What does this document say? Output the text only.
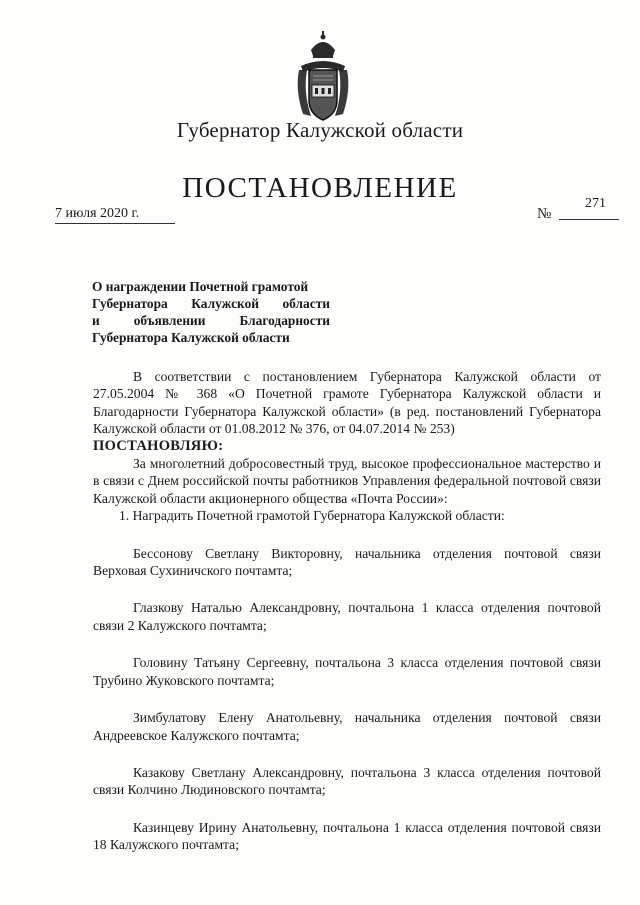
Губернатор Калужской области
ПОСТАНОВЛЕНИЕ
7 июля 2020 г.	№
271
О награждении Почетной грамотой
Губернатора Калужской области
и объявлении Благодарности
Губернатора Калужской области

В соответствии с постановлением Губернатора Калужской области от 27.05.2004 № 368 «О Почетной грамоте Губернатора Калужской области и Благодарности Губернатора Калужской области» (в ред. постановлений Губернатора Калужской области от 01.08.2012 № 376, от 04.07.2014 № 253)

ПОСТАНОВЛЯЮ:

За многолетний добросовестный труд, высокое профессиональное мастерство и в связи с Днем российской почты работников Управления федеральной почтовой связи Калужской области акционерного общества «Почта России»:

1. Наградить Почетной грамотой Губернатора Калужской области:

Бессонову Светлану Викторовну, начальника отделения почтовой связи Верховая Сухиничского почтамта;

Глазкову Наталью Александровну, почтальона 1 класса отделения почтовой связи 2 Калужского почтамта;

Головину Татьяну Сергеевну, почтальона 3 класса отделения почтовой связи Трубино Жуковского почтамта;

Зимбулатову Елену Анатольевну, начальника отделения почтовой связи Андреевское Калужского почтамта;

Казакову Светлану Александровну, почтальона 3 класса отделения почтовой связи Колчино Людиновского почтамта;

Казинцеву Ирину Анатольевну, почтальона 1 класса отделения почтовой связи 18 Калужского почтамта;
